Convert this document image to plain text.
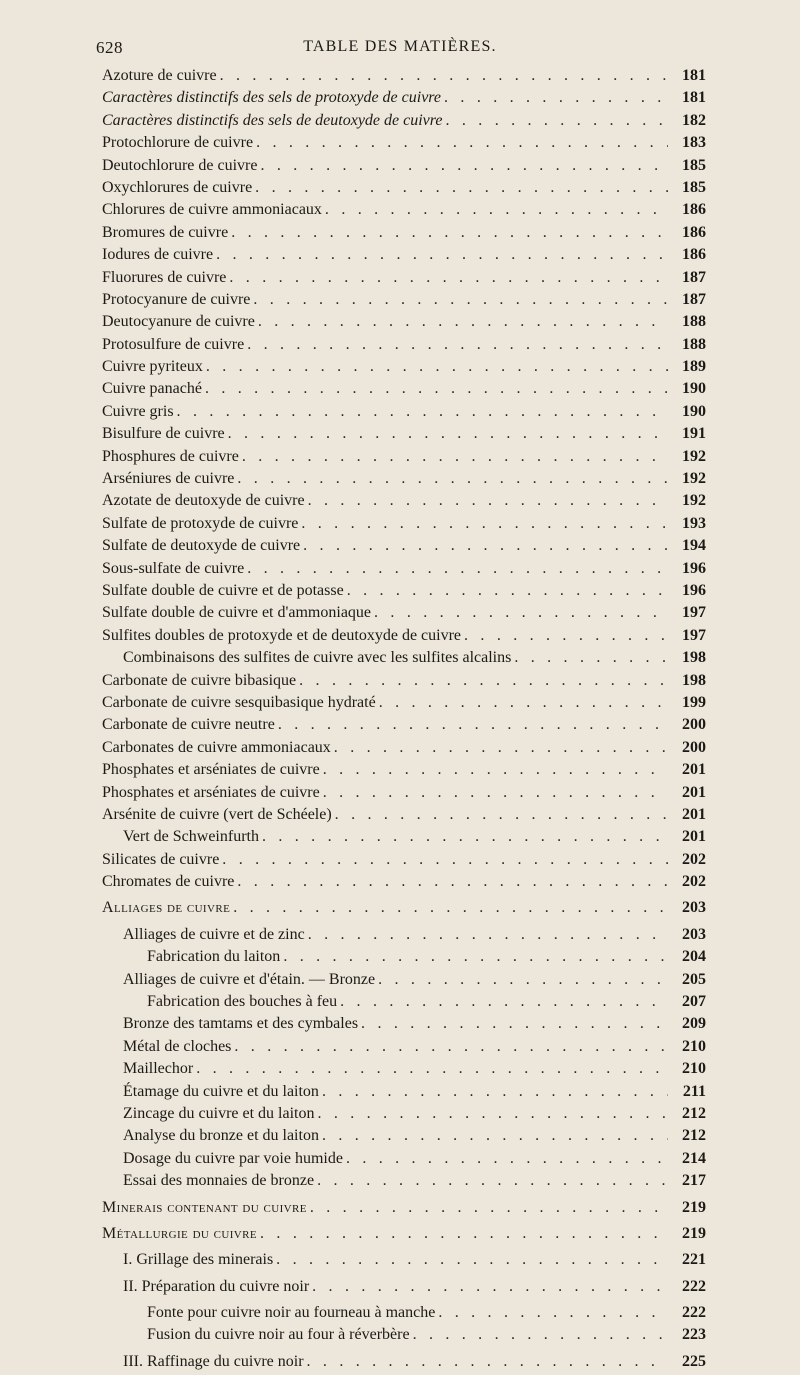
628	TABLE DES MATIÈRES.
Azoture de cuivre . . .	181
Caractères distinctifs des sels de protoxyde de cuivre . . .	181
Caractères distinctifs des sels de deutoxyde de cuivre . . .	182
Protochlorure de cuivre . . .	183
Deutochlorure de cuivre . . .	185
Oxychlorures de cuivre . . .	185
Chlorures de cuivre ammoniacaux . . .	186
Bromures de cuivre . . .	186
Iodures de cuivre . . .	186
Fluorures de cuivre . . .	187
Protocyanure de cuivre . . .	187
Deutocyanure de cuivre . . .	188
Protosulfure de cuivre . . .	188
Cuivre pyriteux . . .	189
Cuivre panaché . . .	190
Cuivre gris . . .	190
Bisulfure de cuivre . . .	191
Phosphures de cuivre . . .	192
Arséniures de cuivre . . .	192
Azotate de deutoxyde de cuivre . . .	192
Sulfate de protoxyde de cuivre . . .	193
Sulfate de deutoxyde de cuivre . . .	194
Sous-sulfate de cuivre . . .	196
Sulfate double de cuivre et de potasse . . .	196
Sulfate double de cuivre et d'ammoniaque . . .	197
Sulfites doubles de protoxyde et de deutoxyde de cuivre . . .	197
Combinaisons des sulfites de cuivre avec les sulfites alcalins . . .	198
Carbonate de cuivre bibasique . . .	198
Carbonate de cuivre sesquibasique hydraté . . .	199
Carbonate de cuivre neutre . . .	200
Carbonates de cuivre ammoniacaux . . .	200
Phosphates et arséniates de cuivre . . .	201
Phosphates et arséniates de cuivre . . .	201
Arsénite de cuivre (vert de Schéele) . . .	201
Vert de Schweinfurth . . .	201
Silicates de cuivre . . .	202
Chromates de cuivre . . .	202
Alliages de cuivre . . .	203
Alliages de cuivre et de zinc . . .	203
Fabrication du laiton . . .	204
Alliages de cuivre et d'étain. — Bronze . . .	205
Fabrication des bouches à feu . . .	207
Bronze des tamtams et des cymbales . . .	209
Métal de cloches . . .	210
Maillechor . . .	210
Étamage du cuivre et du laiton . . .	211
Zincage du cuivre et du laiton . . .	212
Analyse du bronze et du laiton . . .	212
Dosage du cuivre par voie humide . . .	214
Essai des monnaies de bronze . . .	217
Minerais contenant du cuivre . . .	219
Métallurgie du cuivre . . .	219
I. Grillage des minerais . . .	221
II. Préparation du cuivre noir . . .	222
Fonte pour cuivre noir au fourneau à manche . . .	222
Fusion du cuivre noir au four à réverbère . . .	223
III. Raffinage du cuivre noir . . .	225
